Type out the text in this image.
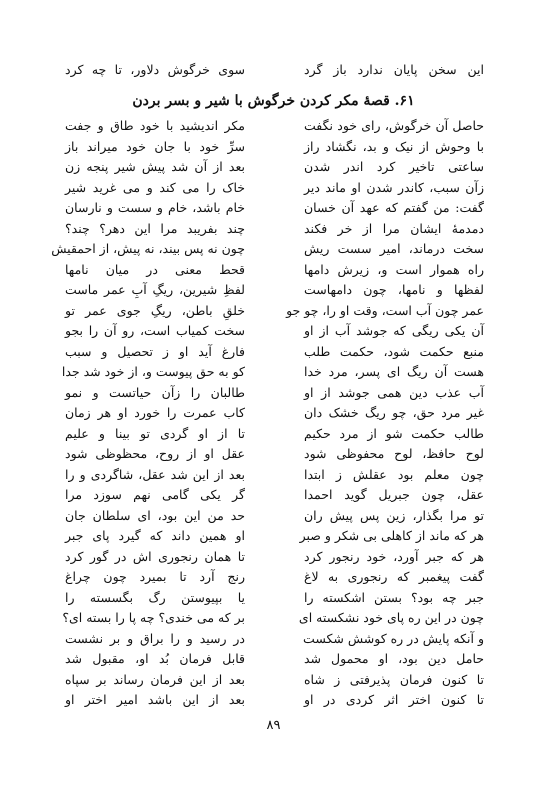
این سخن پایان ندارد باز گرد
سوی خرگوش دلاور، تا چه کرد
۶۱. قصهٔ مکر کردن خرگوش با شیر و بسر بردن
حاصل آن خرگوش، رای خود نگفت
با وحوش از نیک و بد، نگشاد راز
ساعتی تاخیر کرد اندر شدن
زآن سبب، کاندر شدن او ماند دیر
گفت: من گفتم که عهد آن خسان
دمدمهٔ ایشان مرا از خر فکند
سخت درماند، امیر سست ریش
راه هموار است و، زیرش دامها
لفظها و نامها، چون دامهاست
عمر چون آب است، وقت او را، چو جو
آن یکی ریگی که جوشد آب از او
منبع حکمت شود، حکمت طلب
هست آن ریگ ای پسر، مرد خدا
آب عذب دین همی جوشد از او
غیر مرد حق، چو ریگ خشک دان
طالب حکمت شو از مرد حکیم
لوح حافظ، لوح محفوظی شود
چون معلم بود عقلش ز ابتدا
عقل، چون جبریل گوید احمدا
تو مرا بگذار، زین پس پیش ران
هر که ماند از کاهلی بی شکر و صبر
هر که جبر آورد، خود رنجور کرد
گفت پیغمبر که رنجوری به لاغ
جبر چه بود؟ بستن اشکسته را
چون در این ره پای خود نشکسته ای
و آنکه پایش در ره کوشش شکست
حامل دین بود، او محمول شد
تا کنون فرمان پذیرفتی ز شاه
تا کنون اختر اثر کردی در او
مکر اندیشید با خود طاق و جفت
سرِّ خود با جان خود میراند باز
بعد از آن شد پیش شیر پنجه زن
خاک را می کند و می غرید شیر
خام باشد، خام و سست و نارسان
چند بفریبد مرا این دهر؟ چند؟
چون نه پس بیند، نه پیش، از احمقیش
قحط معنی در میان نامها
لفظِ شیرین، ریگِ آبِ عمر ماست
خلقِ باطن، ریگِ جوی عمر تو
سخت کمیاب است، رو آن را بجو
فارغ آید او ز تحصیل و سبب
کو به حق پیوست و، از خود شد جدا
طالبان را زآن حیاتست و نمو
کاب عمرت را خورد او هر زمان
تا از او گردی تو بینا و علیم
عقل او از روح، محظوظی شود
بعد از این شد عقل، شاگردی و را
گر یکی گامی نهم سوزد مرا
حد من این بود، ای سلطان جان
او همین داند که گیرد پای جبر
تا همان رنجوری اش در گور کرد
رنج آرد تا بمیرد چون چراغ
یا بپیوستن رگ بگسسته را
بر که می خندی؟ چه پا را بسته ای؟
در رسید و را براق و بر نشست
قابل فرمان بُد او، مقبول شد
بعد از این فرمان رساند بر سپاه
بعد از این باشد امیر اختر او
۸۹
